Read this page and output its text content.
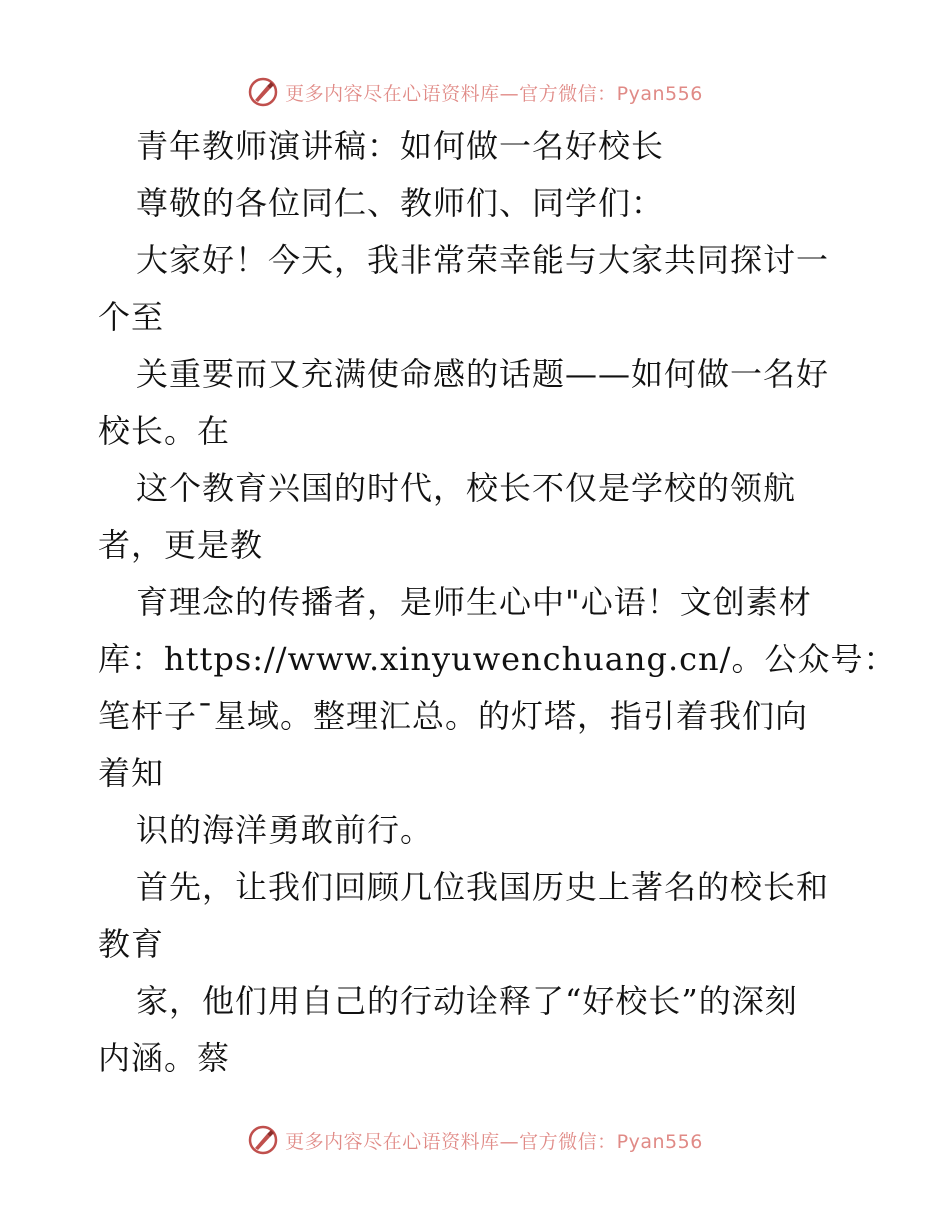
更多内容尽在心语资料库—官方微信：Pyan556
青年教师演讲稿：如何做一名好校长
尊敬的各位同仁、教师们、同学们：
大家好！今天，我非常荣幸能与大家共同探讨一
个至
关重要而又充满使命感的话题——如何做一名好
校长。在
这个教育兴国的时代，校长不仅是学校的领航
者，更是教
育理念的传播者，是师生心中"心语！文创素材
库：https://www.xinyuwenchuang.cn/。公众号：
笔杆子¯星域。整理汇总。的灯塔，指引着我们向
着知
识的海洋勇敢前行。
首先，让我们回顾几位我国历史上著名的校长和
教育
家，他们用自己的行动诠释了“好校长”的深刻
内涵。蔡
更多内容尽在心语资料库—官方微信：Pyan556
